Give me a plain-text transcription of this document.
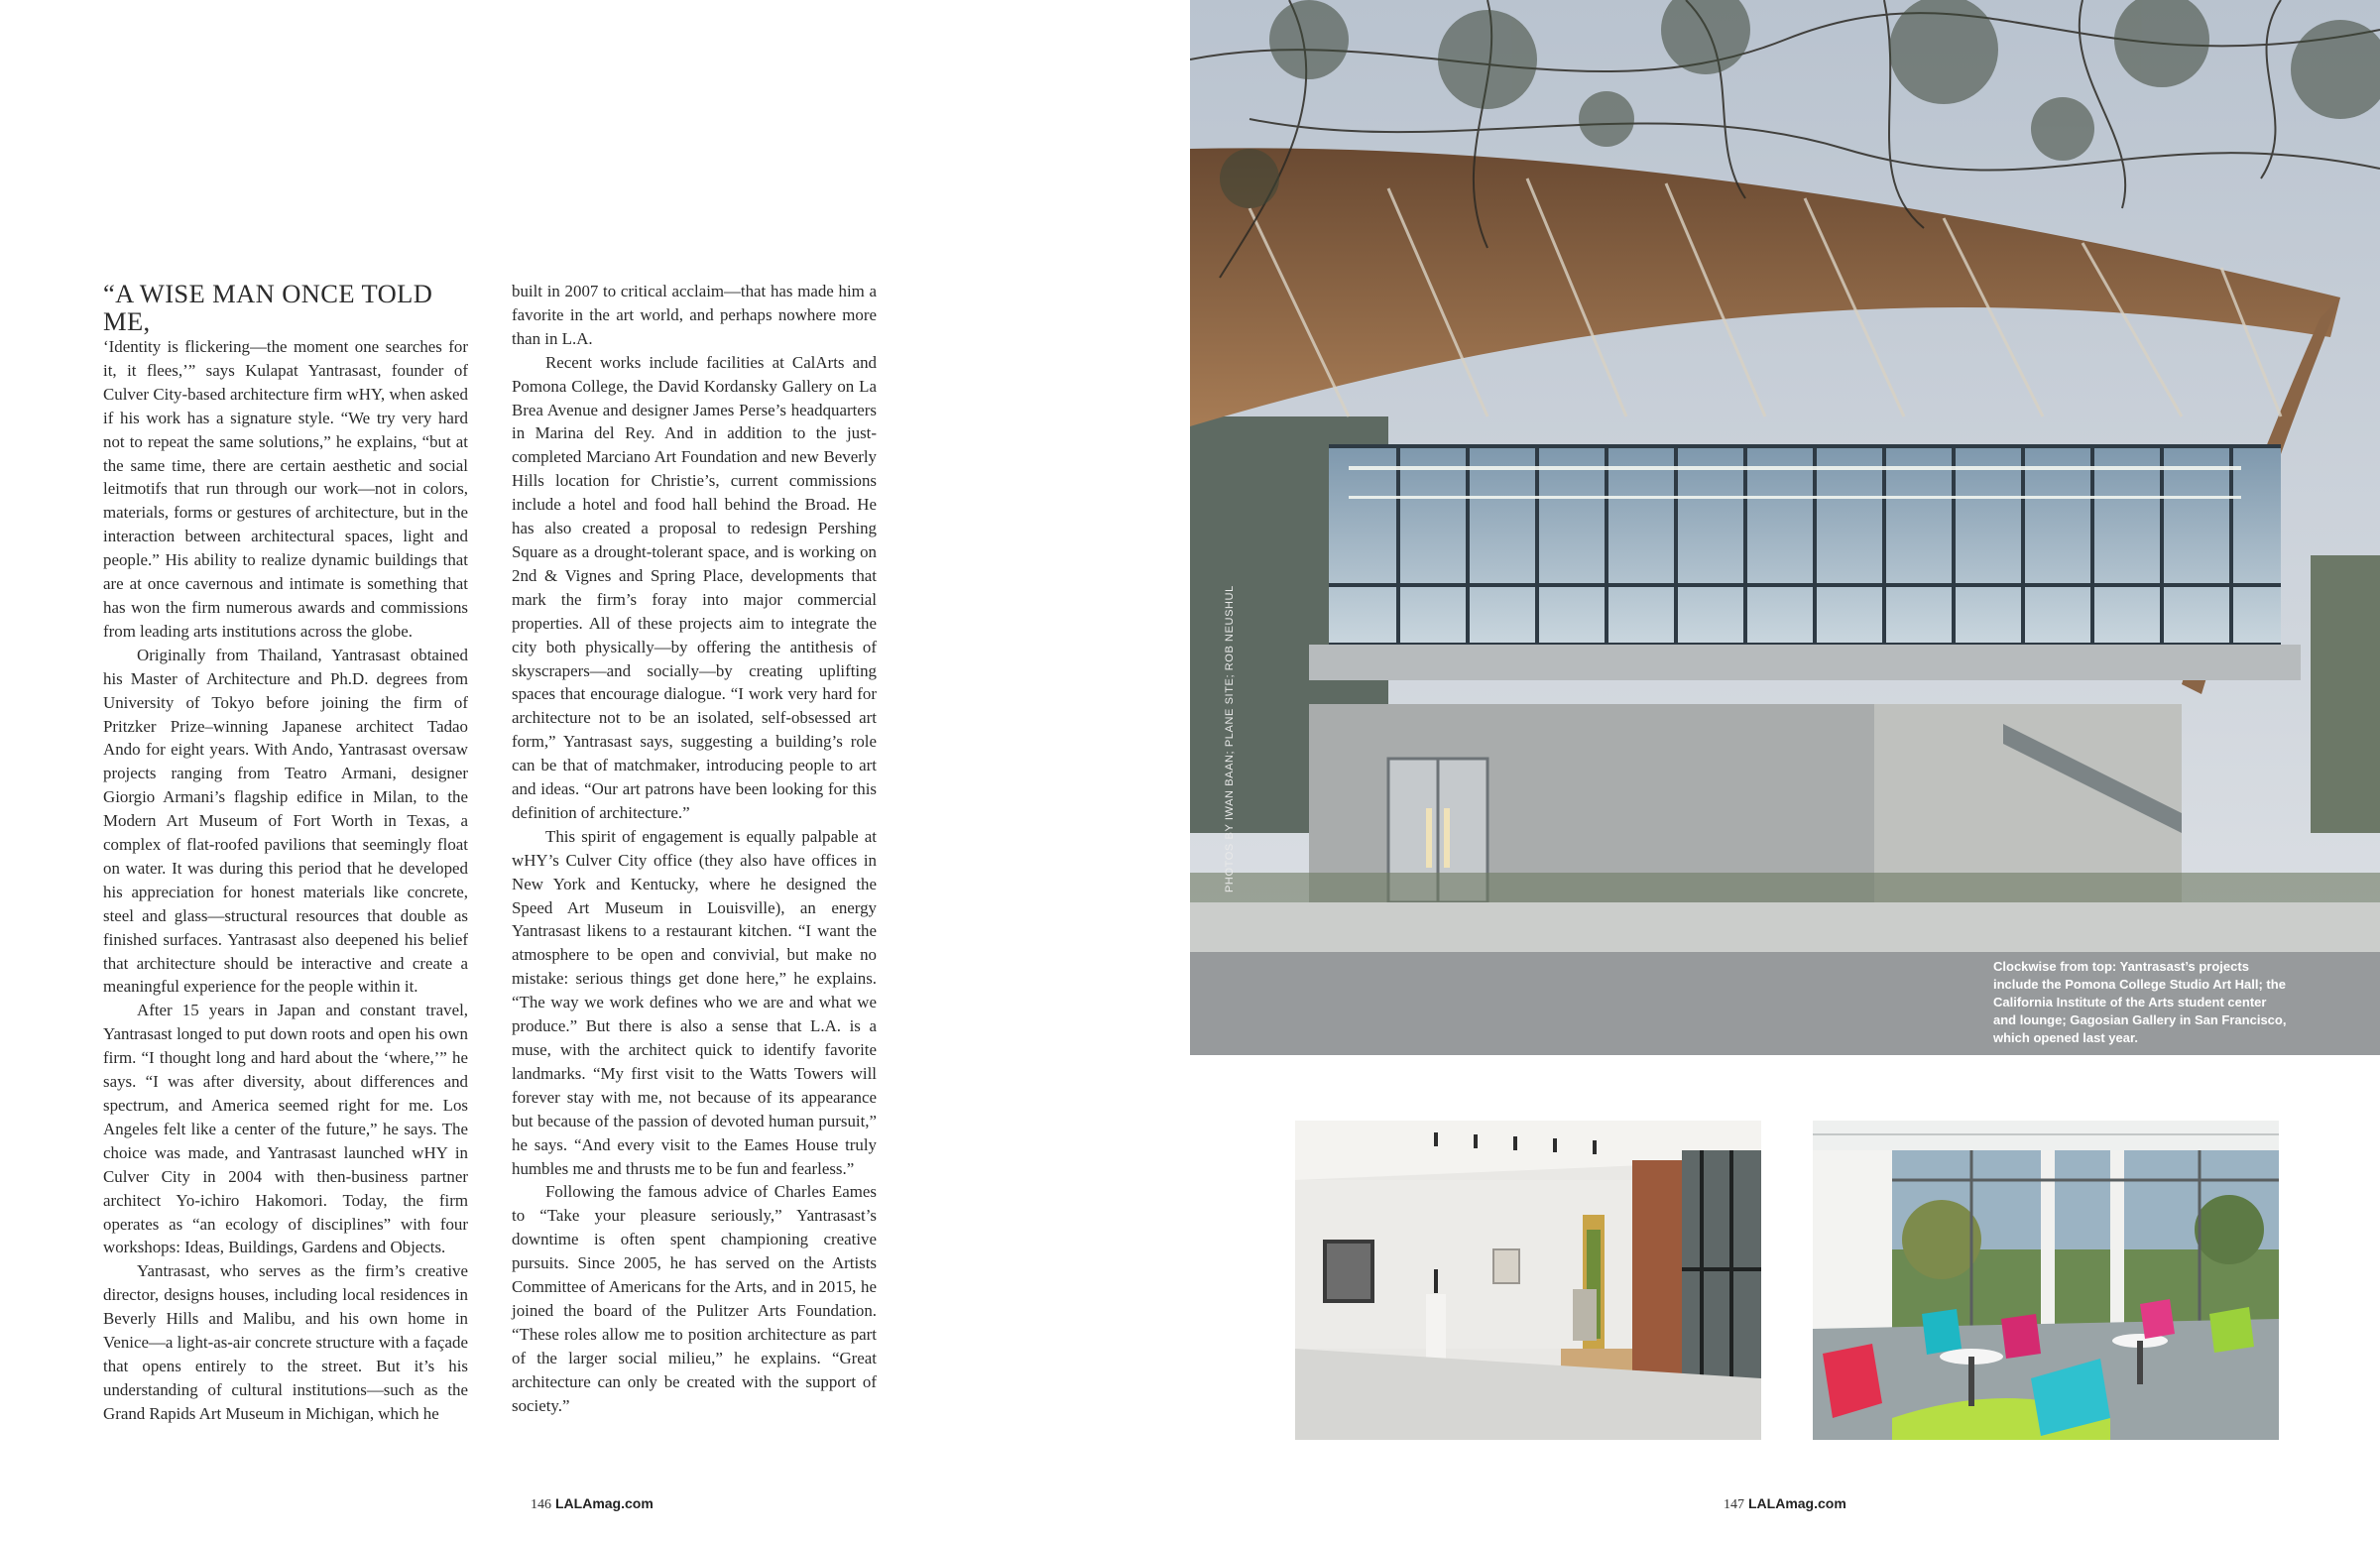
“A WISE MAN ONCE TOLD ME,
‘Identity is flickering—the moment one searches for it, it flees,’” says Kulapat Yantrasast, founder of Culver City-based architecture firm wHY, when asked if his work has a signature style. “We try very hard not to repeat the same solutions,” he explains, “but at the same time, there are certain aesthetic and social leitmotifs that run through our work—not in colors, materials, forms or gestures of architecture, but in the interaction between architectural spaces, light and people.” His ability to realize dynamic buildings that are at once cavernous and intimate is something that has won the firm numerous awards and commissions from leading arts institutions across the globe.

Originally from Thailand, Yantrasast obtained his Master of Architecture and Ph.D. degrees from University of Tokyo before joining the firm of Pritzker Prize–winning Japanese architect Tadao Ando for eight years. With Ando, Yantrasast oversaw projects ranging from Teatro Armani, designer Giorgio Armani’s flagship edifice in Milan, to the Modern Art Museum of Fort Worth in Texas, a complex of flat-roofed pavilions that seemingly float on water. It was during this period that he developed his appreciation for honest materials like concrete, steel and glass—structural resources that double as finished surfaces. Yantrasast also deepened his belief that architecture should be interactive and create a meaningful experience for the people within it.

After 15 years in Japan and constant travel, Yantrasast longed to put down roots and open his own firm. “I thought long and hard about the ‘where,’” he says. “I was after diversity, about differences and spectrum, and America seemed right for me. Los Angeles felt like a center of the future,” he says. The choice was made, and Yantrasast launched wHY in Culver City in 2004 with then-business partner architect Yo-ichiro Hakomori. Today, the firm operates as “an ecology of disciplines” with four workshops: Ideas, Buildings, Gardens and Objects.

Yantrasast, who serves as the firm’s creative director, designs houses, including local residences in Beverly Hills and Malibu, and his own home in Venice—a light-as-air concrete structure with a façade that opens entirely to the street. But it’s his understanding of cultural institutions—such as the Grand Rapids Art Museum in Michigan, which he

built in 2007 to critical acclaim—that has made him a favorite in the art world, and perhaps nowhere more than in L.A.

Recent works include facilities at CalArts and Pomona College, the David Kordansky Gallery on La Brea Avenue and designer James Perse’s headquarters in Marina del Rey. And in addition to the just-completed Marciano Art Foundation and new Beverly Hills location for Christie’s, current commissions include a hotel and food hall behind the Broad. He has also created a proposal to redesign Pershing Square as a drought-tolerant space, and is working on 2nd & Vignes and Spring Place, developments that mark the firm’s foray into major commercial properties. All of these projects aim to integrate the city both physically—by offering the antithesis of skyscrapers—and socially—by creating uplifting spaces that encourage dialogue. “I work very hard for architecture not to be an isolated, self-obsessed art form,” Yantrasast says, suggesting a building’s role can be that of matchmaker, introducing people to art and ideas. “Our art patrons have been looking for this definition of architecture.”

This spirit of engagement is equally palpable at wHY’s Culver City office (they also have offices in New York and Kentucky, where he designed the Speed Art Museum in Louisville), an energy Yantrasast likens to a restaurant kitchen. “I want the atmosphere to be open and convivial, but make no mistake: serious things get done here,” he explains. “The way we work defines who we are and what we produce.” But there is also a sense that L.A. is a muse, with the architect quick to identify favorite landmarks. “My first visit to the Watts Towers will forever stay with me, not because of its appearance but because of the passion of devoted human pursuit,” he says. “And every visit to the Eames House truly humbles me and thrusts me to be fun and fearless.”

Following the famous advice of Charles Eames to “Take your pleasure seriously,” Yantrasast’s downtime is often spent championing creative pursuits. Since 2005, he has served on the Artists Committee of Americans for the Arts, and in 2015, he joined the board of the Pulitzer Arts Foundation. “These roles allow me to position architecture as part of the larger social milieu,” he explains. “Great architecture can only be created with the support of society.”

146 LALAmag.com
PHOTOS BY IWAN BAAN; PLANE SITE; ROB NEUSHUL
Clockwise from top: Yantrasast’s projects include the Pomona College Studio Art Hall; the California Institute of the Arts student center and lounge; Gagosian Gallery in San Francisco, which opened last year.
147 LALAmag.com
